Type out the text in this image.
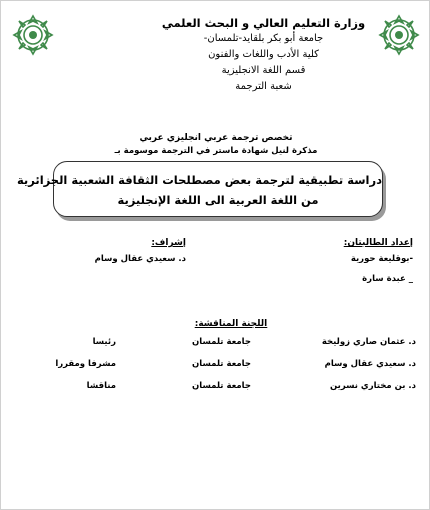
وزارة التعليم العالي و البحث العلمي
جامعة أبو بكر بلقايد-تلمسان-
كلية الأدب واللغات والفنون
قسم اللغة الانجليزية
شعبة الترجمة
تخصص ترجمة عربي انجليزي عربي
مذكرة لنيل شهادة ماستر في الترجمة موسومة بـ
دراسة تطبيقية لترجمة بعض مصطلحات الثقافة الشعبية الجزائرية
من اللغة العربية الى اللغة الإنجليزية
إعداد الطالبتان:
-بوقليعة حورية
_ عبدة سارة
إشراف:
د. سعيدي عقال وسام
اللجنة المناقشة:
د. عثمان صاري زوليخة
جامعة تلمسان
رئيسا
د. سعيدي عقال وسام
جامعة تلمسان
مشرفا ومقررا
د. بن مختاري نسرين
جامعة تلمسان
مناقشا
